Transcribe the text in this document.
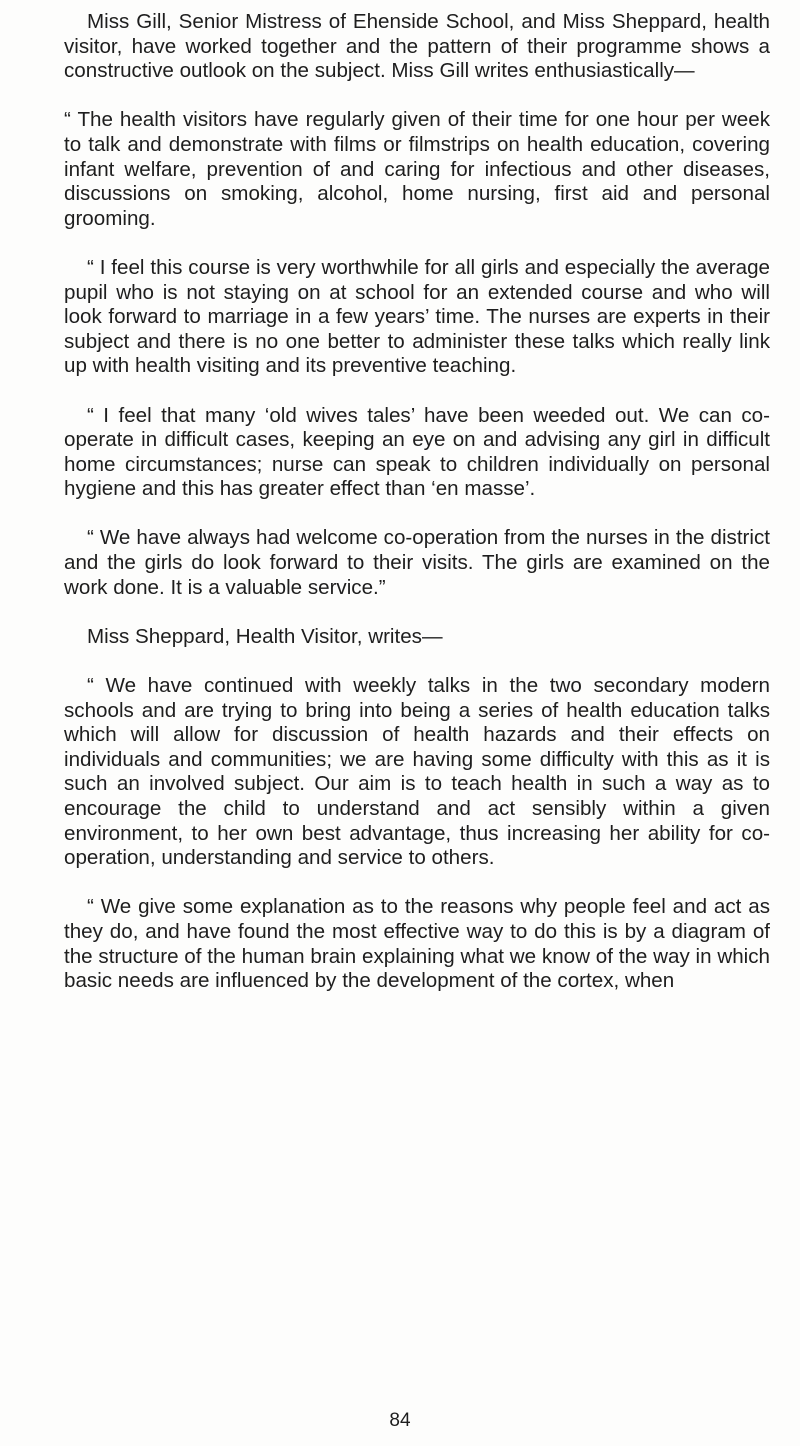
Miss Gill, Senior Mistress of Ehenside School, and Miss Sheppard, health visitor, have worked together and the pattern of their programme shows a constructive outlook on the subject. Miss Gill writes enthusiastically—

“ The health visitors have regularly given of their time for one hour per week to talk and demonstrate with films or filmstrips on health education, covering infant welfare, prevention of and caring for infectious and other diseases, discussions on smoking, alcohol, home nursing, first aid and personal grooming.

“ I feel this course is very worthwhile for all girls and especially the average pupil who is not staying on at school for an extended course and who will look forward to marriage in a few years’ time. The nurses are experts in their subject and there is no one better to administer these talks which really link up with health visiting and its preventive teaching.

“ I feel that many ‘old wives tales’ have been weeded out. We can co-operate in difficult cases, keeping an eye on and advising any girl in difficult home circumstances; nurse can speak to children individually on personal hygiene and this has greater effect than ‘en masse’.

“ We have always had welcome co-operation from the nurses in the district and the girls do look forward to their visits. The girls are examined on the work done. It is a valuable service.”

Miss Sheppard, Health Visitor, writes—

“ We have continued with weekly talks in the two secondary modern schools and are trying to bring into being a series of health education talks which will allow for discussion of health hazards and their effects on individuals and communities; we are having some difficulty with this as it is such an involved subject. Our aim is to teach health in such a way as to encourage the child to understand and act sensibly within a given environment, to her own best advantage, thus increasing her ability for co-operation, understanding and service to others.

“ We give some explanation as to the reasons why people feel and act as they do, and have found the most effective way to do this is by a diagram of the structure of the human brain explaining what we know of the way in which basic needs are influenced by the development of the cortex, when

84
